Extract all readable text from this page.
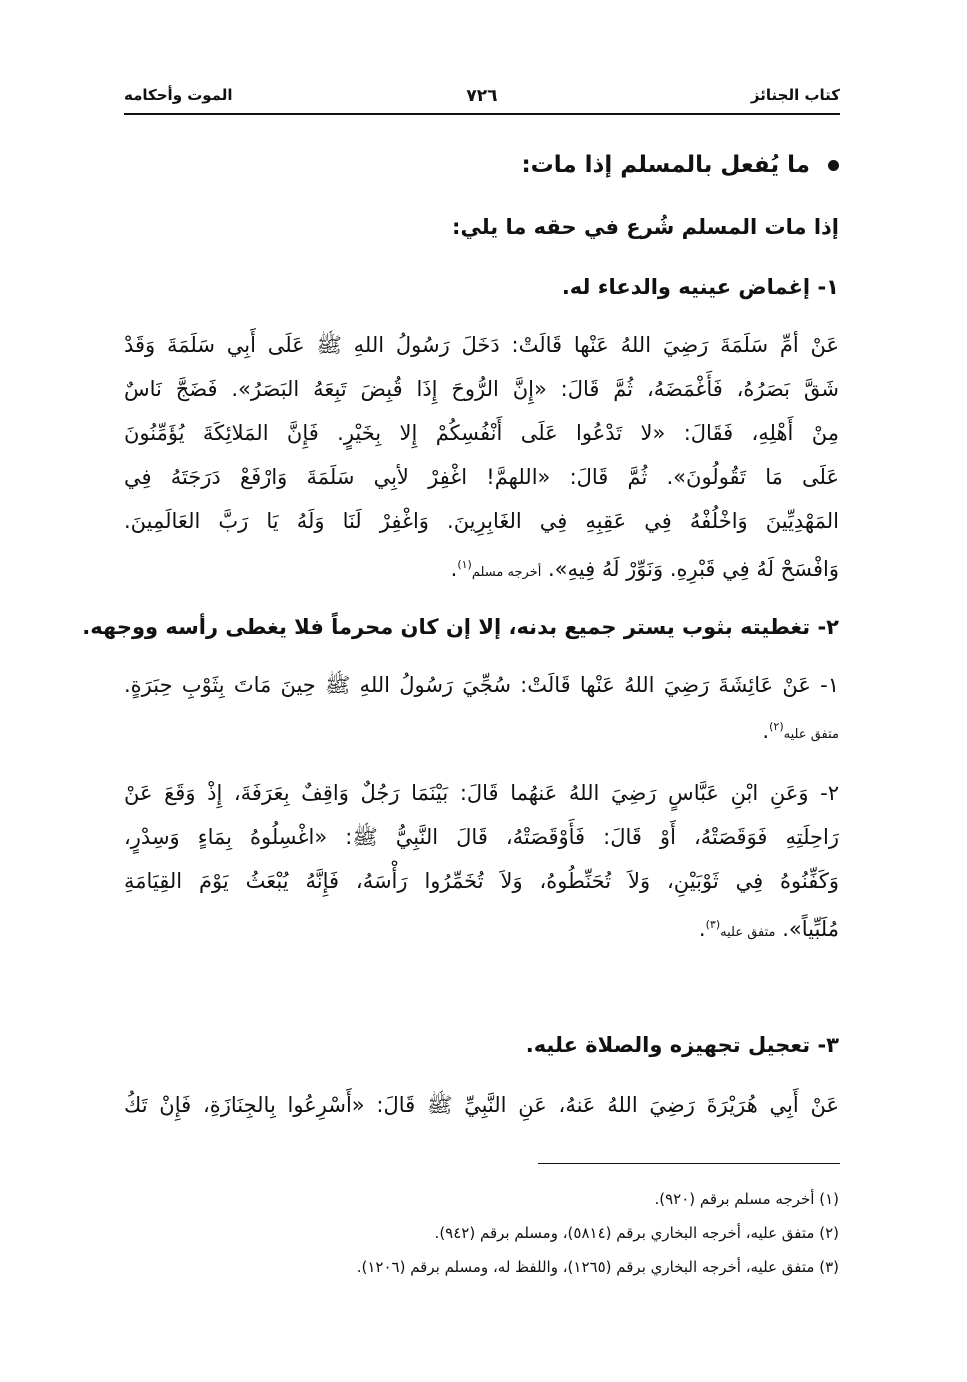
كتاب الجنائز
٧٢٦
الموت وأحكامه
ما يُفعل بالمسلم إذا مات:
إذا مات المسلم شُرع في حقه ما يلي:
١- إغماض عينيه والدعاء له.
عَنْ أمِّ سَلَمَةَ رَضِيَ اللهُ عَنْها قَالَتْ: دَخَلَ رَسُولُ اللهِ ﷺ عَلَى أَبِي سَلَمَةَ وَقَدْ
شَقَّ بَصَرُهُ، فَأَغْمَضَهُ، ثُمَّ قَالَ: «إِنَّ الرُّوحَ إِذَا قُبِضَ تَبِعَهُ البَصَرُ». فَضَجَّ نَاسٌ
مِنْ أَهْلِهِ، فَقَالَ: «لا تَدْعُوا عَلَى أَنْفُسِكُمْ إِلا بِخَيْرٍ. فَإِنَّ المَلائِكَةَ يُؤَمِّنُونَ
عَلَى مَا تَقُولُونَ». ثُمَّ قَالَ: «اللهمَّ! اغْفِرْ لأبِي سَلَمَةَ وَارْفَعْ دَرَجَتَهُ فِي
المَهْدِيِّينَ وَاخْلُفْهُ فِي عَقِبِهِ فِي الغَابِرِينَ. وَاغْفِرْ لَنَا وَلَهُ يَا رَبَّ العَالَمِينَ.
وَافْسَحْ لَهُ فِي قَبْرِهِ. وَنَوِّرْ لَهُ فِيهِ». أخرجه مسلم$^{(١)}$.
٢- تغطيته بثوب يستر جميع بدنه، إلا إن كان محرماً فلا يغطى رأسه ووجهه.
١- عَنْ عَائِشَةَ رَضِيَ اللهُ عَنْها قَالَتْ: سُجِّيَ رَسُولُ اللهِ ﷺ حِينَ مَاتَ بِثَوْبِ حِبَرَةٍ.
متفق عليه$^{(٢)}$.
٢- وَعَنِ ابْنِ عَبَّاسٍ رَضِيَ اللهُ عَنهُما قَالَ: بَيْنَمَا رَجُلٌ وَاقِفٌ بِعَرَفَةَ، إِذْ وَقَعَ عَنْ
رَاحِلَتِهِ فَوَقَصَتْهُ، أَوْ قَالَ: فَأَوْقَصَتْهُ، قَالَ النَّبِيُّ ﷺ: «اغْسِلُوهُ بِمَاءٍ وَسِدْرٍ،
وَكَفِّنُوهُ فِي ثَوْبَيْنِ، وَلاَ تُحَنِّطُوهُ، وَلاَ تُخَمِّرُوا رَأْسَهُ، فَإِنَّهُ يُبْعَثُ يَوْمَ القِيَامَةِ
مُلَبِّياً». متفق عليه$^{(٣)}$.
٣- تعجيل تجهيزه والصلاة عليه.
عَنْ أَبِي هُرَيْرَةَ رَضِيَ اللهُ عَنهُ، عَنِ النَّبِيِّ ﷺ قَالَ: «أَسْرِعُوا بِالجِنَازَةِ، فَإِنْ تَكُ
(١) أخرجه مسلم برقم (٩٢٠).
(٢) متفق عليه، أخرجه البخاري برقم (٥٨١٤)، ومسلم برقم (٩٤٢).
(٣) متفق عليه، أخرجه البخاري برقم (١٢٦٥)، واللفظ له، ومسلم برقم (١٢٠٦).
